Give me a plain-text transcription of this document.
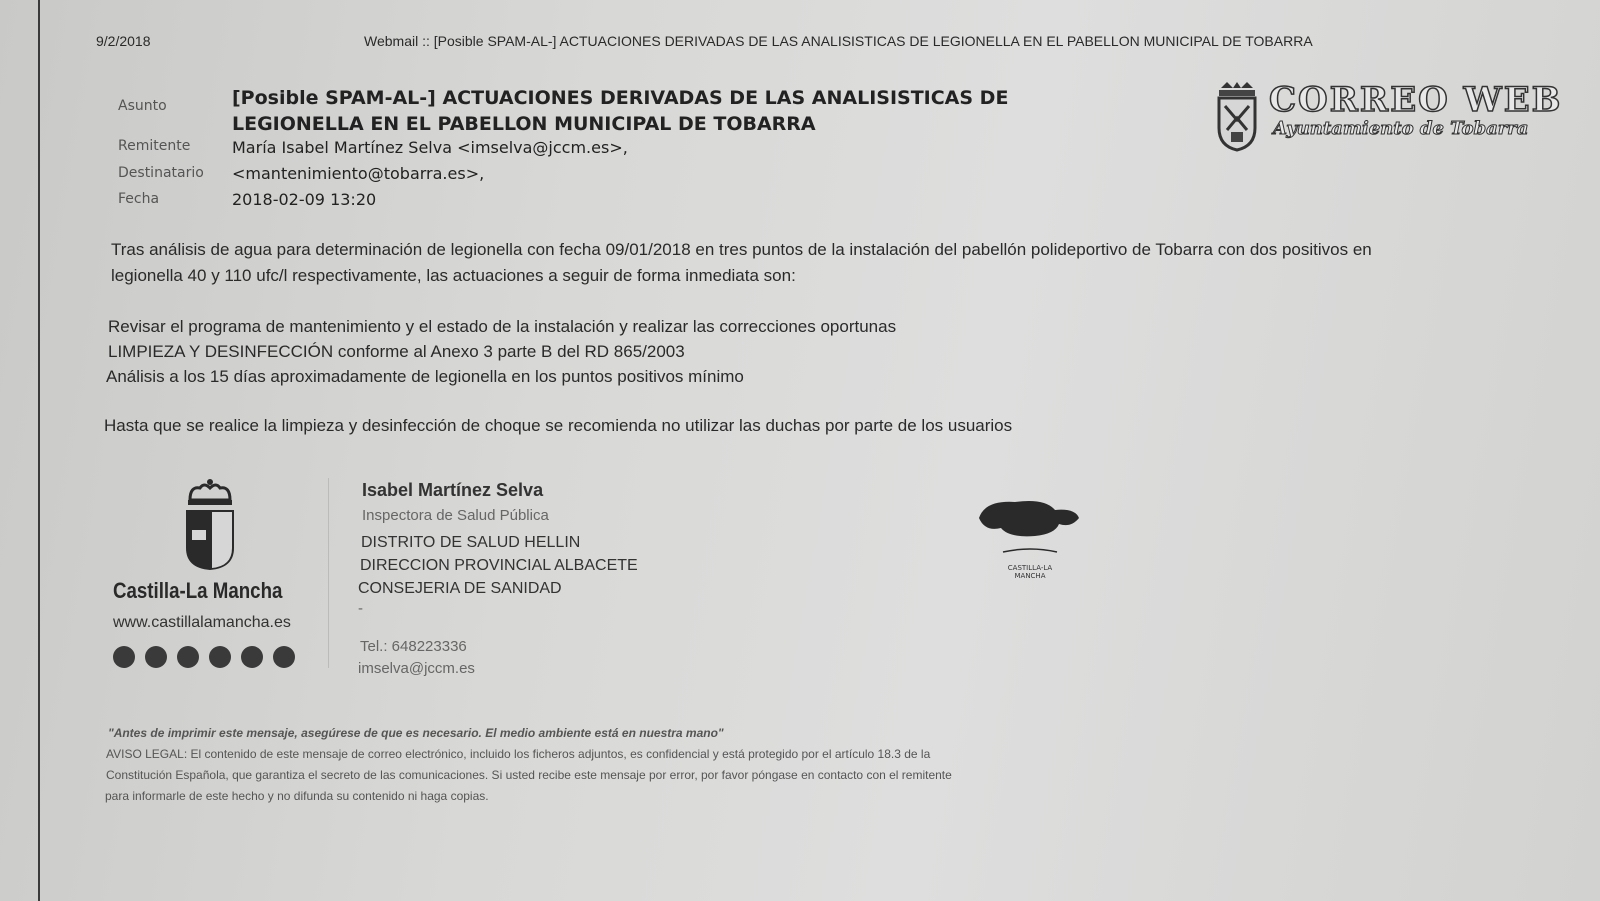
9/2/2018	Webmail :: [Posible SPAM-AL-] ACTUACIONES DERIVADAS DE LAS ANALISISTICAS DE LEGIONELLA EN EL PABELLON MUNICIPAL DE TOBARRA
Asunto	[Posible SPAM-AL-] ACTUACIONES DERIVADAS DE LAS ANALISISTICAS DE
LEGIONELLA EN EL PABELLON MUNICIPAL DE TOBARRA
Remitente	María Isabel Martínez Selva <imselva@jccm.es>,
Destinatario <mantenimiento@tobarra.es>,
Fecha	2018-02-09 13:20
CORREO WEB
Ayuntamiento de Tobarra
Tras análisis de agua para determinación de legionella con fecha 09/01/2018 en tres puntos de la instalación del pabellón polideportivo de Tobarra con dos positivos en
legionella 40 y 110 ufc/l respectivamente, las actuaciones a seguir de forma inmediata son:
Revisar el programa de mantenimiento y el estado de la instalación y realizar las correcciones oportunas
LIMPIEZA Y DESINFECCIÓN conforme al Anexo 3 parte B del RD 865/2003
Análisis a los 15 días aproximadamente de legionella en los puntos positivos mínimo
Hasta que se realice la limpieza y desinfección de choque se recomienda no utilizar las duchas por parte de los usuarios
Castilla-La Mancha
www.castillalamancha.es
Isabel Martínez Selva
Inspectora de Salud Pública
DISTRITO DE SALUD HELLIN
DIRECCION PROVINCIAL ALBACETE
CONSEJERIA DE SANIDAD
-
Tel.: 648223336
imselva@jccm.es
CASTILLA-LA MANCHA
"Antes de imprimir este mensaje, asegúrese de que es necesario. El medio ambiente está en nuestra mano"
AVISO LEGAL: El contenido de este mensaje de correo electrónico, incluido los ficheros adjuntos, es confidencial y está protegido por el artículo 18.3 de la
Constitución Española, que garantiza el secreto de las comunicaciones. Si usted recibe este mensaje por error, por favor póngase en contacto con el remitente
para informarle de este hecho y no difunda su contenido ni haga copias.
